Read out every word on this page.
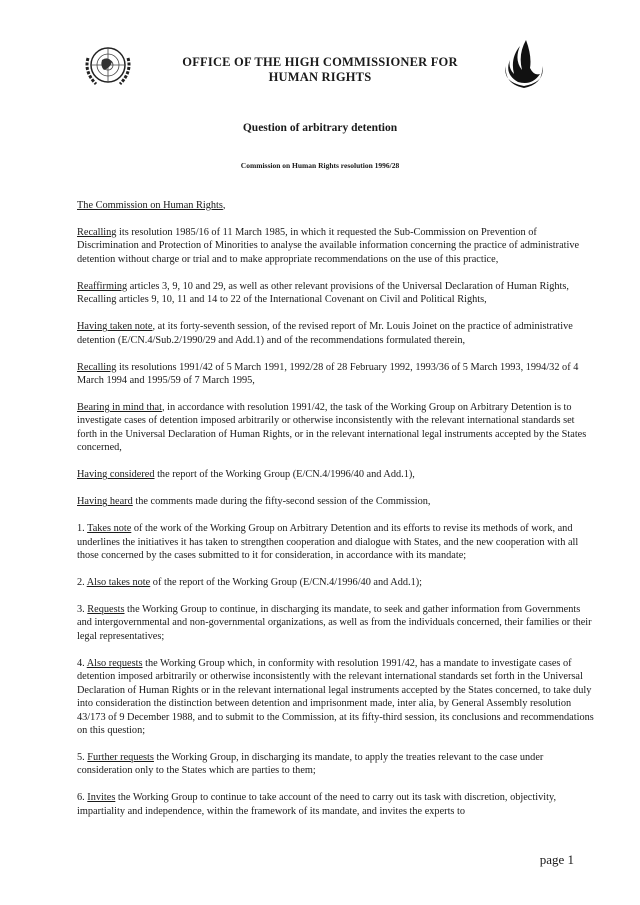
OFFICE OF THE HIGH COMMISSIONER FOR
HUMAN RIGHTS
Question of arbitrary detention
Commission on Human Rights resolution 1996/28

The Commission on Human Rights,

Recalling its resolution 1985/16 of 11 March 1985, in which it requested the Sub-Commission on Prevention of Discrimination and Protection of Minorities to analyse the available information concerning the practice of administrative detention without charge or trial and to make appropriate recommendations on the use of this practice,

Reaffirming articles 3, 9, 10 and 29, as well as other relevant provisions of the Universal Declaration of Human Rights, Recalling articles 9, 10, 11 and 14 to 22 of the International Covenant on Civil and Political Rights,

Having taken note, at its forty-seventh session, of the revised report of Mr. Louis Joinet on the practice of administrative detention (E/CN.4/Sub.2/1990/29 and Add.1) and of the recommendations formulated therein,

Recalling its resolutions 1991/42 of 5 March 1991, 1992/28 of 28 February 1992, 1993/36 of 5 March 1993, 1994/32 of 4 March 1994 and 1995/59 of 7 March 1995,

Bearing in mind that, in accordance with resolution 1991/42, the task of the Working Group on Arbitrary Detention is to investigate cases of detention imposed arbitrarily or otherwise inconsistently with the relevant international standards set forth in the Universal Declaration of Human Rights, or in the relevant international legal instruments accepted by the States concerned,

Having considered the report of the Working Group (E/CN.4/1996/40 and Add.1),

Having heard the comments made during the fifty-second session of the Commission,

1. Takes note of the work of the Working Group on Arbitrary Detention and its efforts to revise its methods of work, and underlines the initiatives it has taken to strengthen cooperation and dialogue with States, and the new cooperation with all those concerned by the cases submitted to it for consideration, in accordance with its mandate;

2. Also takes note of the report of the Working Group (E/CN.4/1996/40 and Add.1);

3. Requests the Working Group to continue, in discharging its mandate, to seek and gather information from Governments and intergovernmental and non-governmental organizations, as well as from the individuals concerned, their families or their legal representatives;

4. Also requests the Working Group which, in conformity with resolution 1991/42, has a mandate to investigate cases of detention imposed arbitrarily or otherwise inconsistently with the relevant international standards set forth in the Universal Declaration of Human Rights or in the relevant international legal instruments accepted by the States concerned, to take duly into consideration the distinction between detention and imprisonment made, inter alia, by General Assembly resolution 43/173 of 9 December 1988, and to submit to the Commission, at its fifty-third session, its conclusions and recommendations on this question;

5. Further requests the Working Group, in discharging its mandate, to apply the treaties relevant to the case under consideration only to the States which are parties to them;

6. Invites the Working Group to continue to take account of the need to carry out its task with discretion, objectivity, impartiality and independence, within the framework of its mandate, and invites the experts to

page 1
